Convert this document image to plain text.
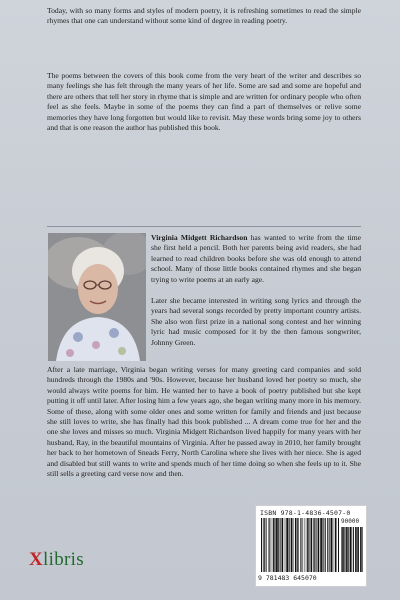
Today, with so many forms and styles of modern poetry, it is refreshing sometimes to read the simple rhymes that one can understand without some kind of degree in reading poetry.

The poems between the covers of this book come from the very heart of the writer and describes so many feelings she has felt through the many years of her life. Some are sad and some are hopeful and there are others that tell her story in rhyme that is simple and are written for ordinary people who often feel as she feels. Maybe in some of the poems they can find a part of themselves or relive some memories they have long forgotten but would like to revisit. May these words bring some joy to others and that is one reason the author has published this book.

Virginia Midgett Richardson has wanted to write from the time she first held a pencil. Both her parents being avid readers, she had learned to read children books before she was old enough to attend school. Many of those little books contained rhymes and she began trying to write poems at an early age.

Later she became interested in writing song lyrics and through the years had several songs recorded by pretty important country artists. She also won first prize in a national song contest and her winning lyric had music composed for it by the then famous songwriter, Johnny Green.

After a late marriage, Virginia began writing verses for many greeting card companies and sold hundreds through the 1980s and '90s. However, because her husband loved her poetry so much, she would always write poems for him. He wanted her to have a book of poetry published but she kept putting it off until later. After losing him a few years ago, she began writing many more in his memory. Some of these, along with some older ones and some written for family and friends and just because she still loves to write, she has finally had this book published ... A dream come true for her and the one she loves and misses so much. Virginia Midgett Richardson lived happily for many years with her husband, Ray, in the beautiful mountains of Virginia. After he passed away in 2010, her family brought her back to her hometown of Sneads Ferry, North Carolina where she lives with her niece. She is aged and disabled but still wants to write and spends much of her time doing so when she feels up to it. She still sells a greeting card verse now and then.

ISBN 978-1-4836-4507-0
90000
9 781483 645070
Xlibris
